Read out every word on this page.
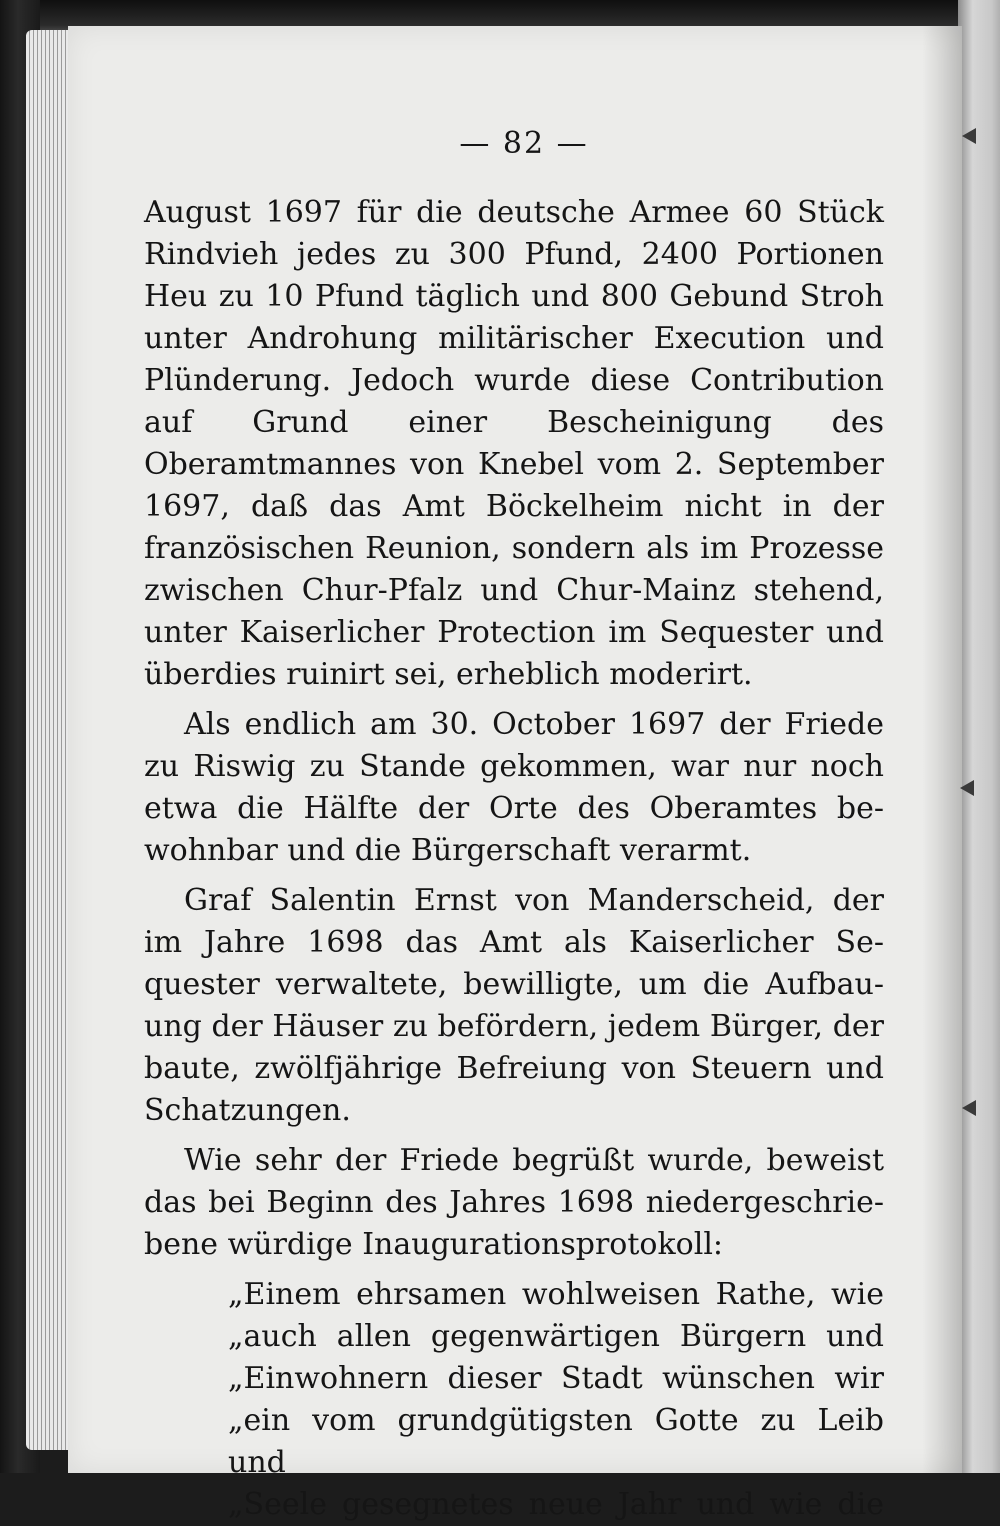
— 82 —

August 1697 für die deutsche Armee 60 Stück Rindvieh jedes zu 300 Pfund, 2400 Portionen Heu zu 10 Pfund täglich und 800 Gebund Stroh unter Androhung militärischer Execution und Plünderung. Jedoch wurde diese Contribution auf Grund einer Bescheinigung des Oberamtmannes von Knebel vom 2. September 1697, daß das Amt Böckelheim nicht in der französischen Reunion, sondern als im Prozesse zwischen Chur-Pfalz und Chur-Mainz stehend, unter Kaiserlicher Protection im Sequester und überdies ruinirt sei, erheblich moderirt.

Als endlich am 30. October 1697 der Friede zu Riswig zu Stande gekommen, war nur noch etwa die Hälfte der Orte des Oberamtes bewohnbar und die Bürgerschaft verarmt.

Graf Salentin Ernst von Manderscheid, der im Jahre 1698 das Amt als Kaiserlicher Sequester verwaltete, bewilligte, um die Aufbauung der Häuser zu befördern, jedem Bürger, der baute, zwölfjährige Befreiung von Steuern und Schatzungen.

Wie sehr der Friede begrüßt wurde, beweist das bei Beginn des Jahres 1698 niedergeschriebene würdige Inaugurationsprotokoll:

„Einem ehrsamen wohlweisen Rathe, wie

„auch allen gegenwärtigen Bürgern und

„Einwohnern dieser Stadt wünschen wir

„ein vom grundgütigsten Gotte zu Leib und

„Seele gesegnetes neue Jahr und wie die
